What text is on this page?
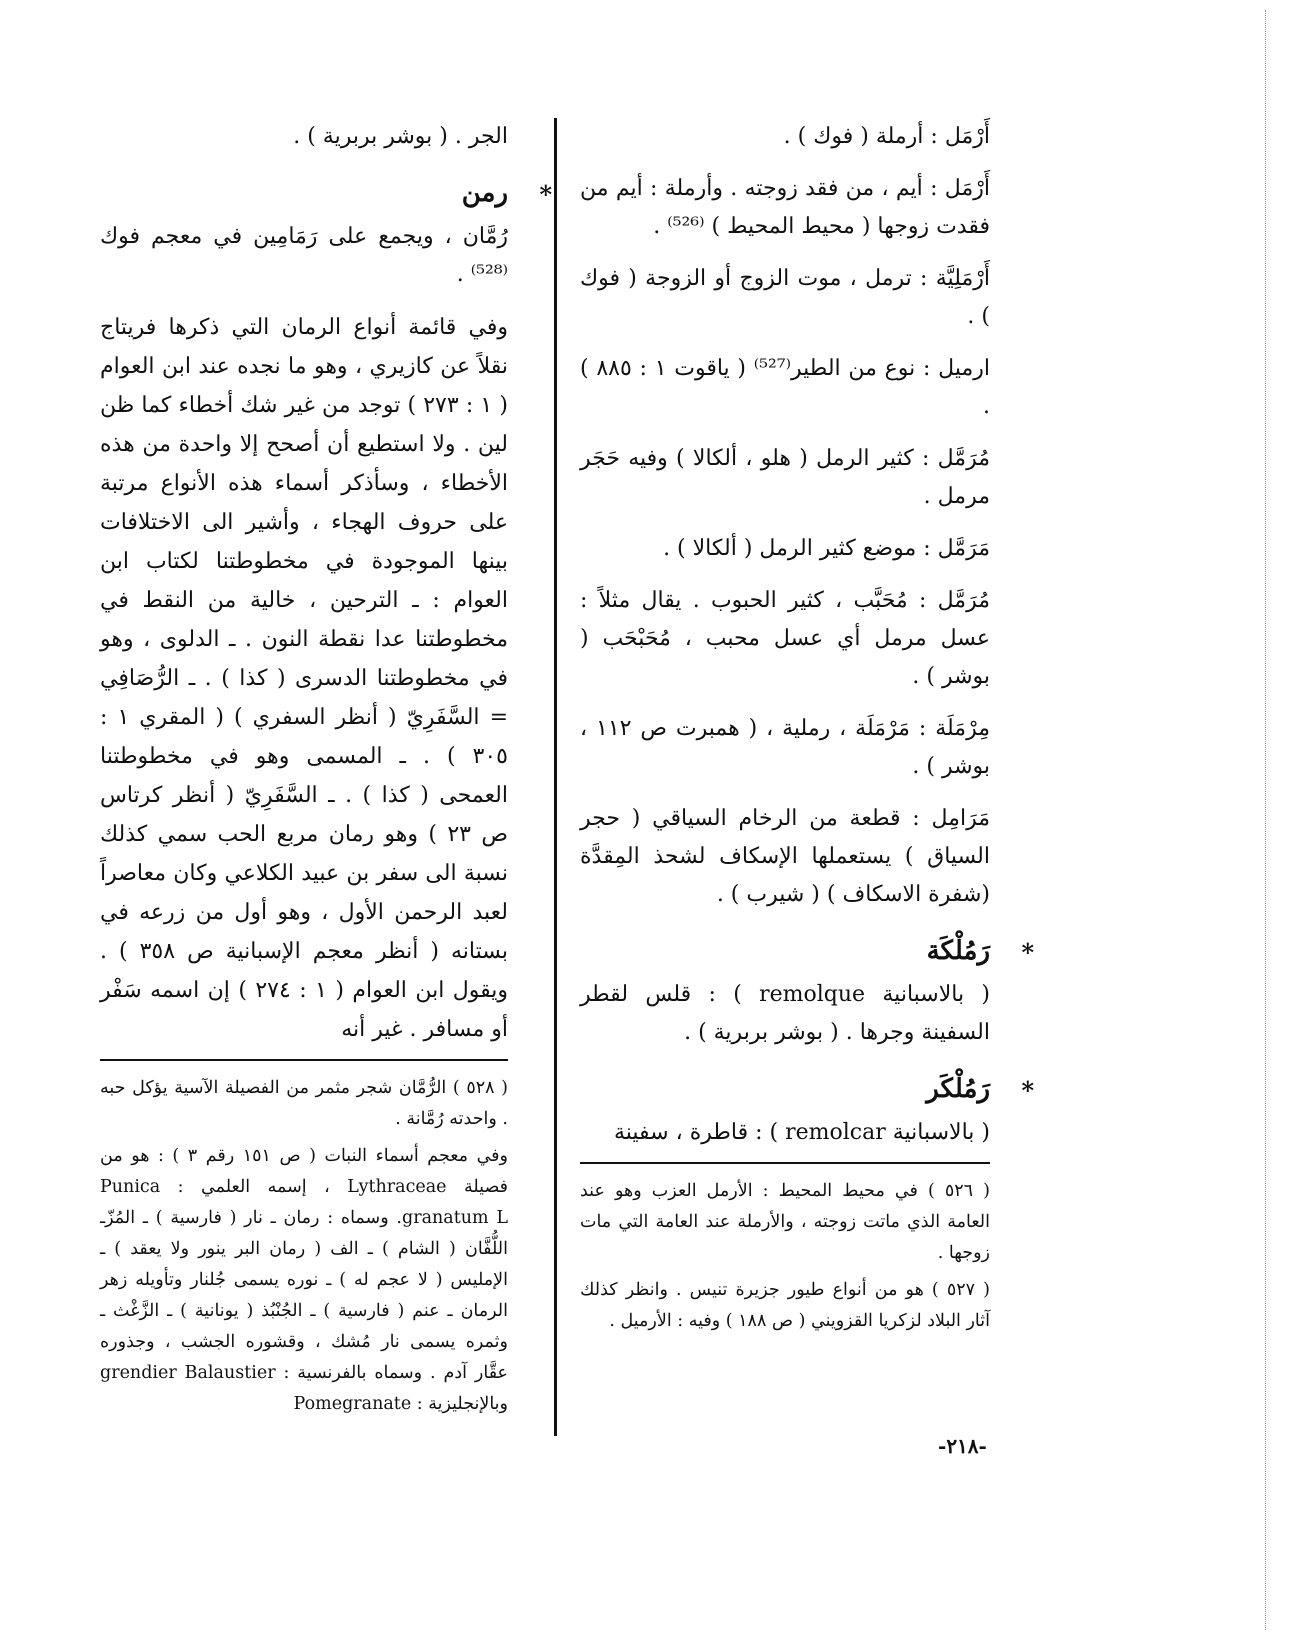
أَرْمَل : أرملة ( فوك ) .
أَرْمَل : أيم ، من فقد زوجته . وأرملة : أيم من فقدت زوجها ( محيط المحيط ) ⁽⁵²⁶⁾ .
أَرْمَلِيَّة : ترمل ، موت الزوج أو الزوجة ( فوك ) .
ارميل : نوع من الطير⁽⁵²⁷⁾ ( ياقوت ١ : ٨٨٥ ) .
مُرَمَّل : كثير الرمل ( هلو ، ألكالا ) وفيه حَجَر مرمل .
مَرَمَّل : موضع كثير الرمل ( ألكالا ) .
مُرَمَّل : مُحَبَّب ، كثير الحبوب . يقال مثلاً : عسل مرمل أي عسل محبب ، مُحَبْحَب ( بوشر ) .
مِرْمَلَة : مَرْمَلَة ، رملية ، ( همبرت ص ١١٢ ، بوشر ) .
مَرَامِل : قطعة من الرخام السياقي ( حجر السياق ) يستعملها الإسكاف لشحذ المِقدَّة (شفرة الاسكاف ) ( شيرب ) .
*
رَمُلْكَة
( بالاسبانية remolque ) : قلس لقطر السفينة وجرها . ( بوشر بربرية ) .
*
رَمُلْكَر
( بالاسبانية remolcar ) : قاطرة ، سفينة
( ٥٢٦ ) في محيط المحيط : الأرمل العزب وهو عند العامة الذي ماتت زوجته ، والأرملة عند العامة التي مات زوجها .
( ٥٢٧ ) هو من أنواع طيور جزيرة تنيس . وانظر كذلك آثار البلاد لزكريا القزويني ( ص ١٨٨ ) وفيه : الأرميل .
الجر . ( بوشر بربرية ) .
*
رمن
رُمَّان ، ويجمع على رَمَامِين في معجم فوك ⁽⁵²⁸⁾ .
وفي قائمة أنواع الرمان التي ذكرها فريتاج نقلاً عن كازيري ، وهو ما نجده عند ابن العوام ( ١ : ٢٧٣ ) توجد من غير شك أخطاء كما ظن لين . ولا استطيع أن أصحح إلا واحدة من هذه الأخطاء ، وسأذكر أسماء هذه الأنواع مرتبة على حروف الهجاء ، وأشير الى الاختلافات بينها الموجودة في مخطوطتنا لكتاب ابن العوام : ـ الترحين ، خالية من النقط في مخطوطتنا عدا نقطة النون . ـ الدلوى ، وهو في مخطوطتنا الدسرى ( كذا ) . ـ الرُّصَافِي = السَّفَرِيّ ( أنظر السفري ) ( المقري ١ : ٣٠٥ ) . ـ المسمى وهو في مخطوطتنا العمحى ( كذا ) . ـ السَّفَرِيّ ( أنظر كرتاس ص ٢٣ ) وهو رمان مربع الحب سمي كذلك نسبة الى سفر بن عبيد الكلاعي وكان معاصراً لعبد الرحمن الأول ، وهو أول من زرعه في بستانه ( أنظر معجم الإسبانية ص ٣٥٨ ) . ويقول ابن العوام ( ١ : ٢٧٤ ) إن اسمه سَفْر أو مسافر . غير أنه
( ٥٢٨ ) الرُّمَّان شجر مثمر من الفصيلة الآسية يؤكل حبه . واحدته رُمَّانة .
وفي معجم أسماء النبات ( ص ١٥١ رقم ٣ ) : هو من فصيلة Lythraceae ، إسمه العلمي : Punica granatum L. وسماه : رمان ـ نار ( فارسية ) ـ المُزّـ اللُّفَّان ( الشام ) ـ الف ( رمان البر ينور ولا يعقد ) ـ الإمليس ( لا عجم له ) ـ نوره يسمى جُلنار وتأويله زهر الرمان ـ عنم ( فارسية ) ـ الجُنْبُذ ( يونانية ) ـ الزَّغْث ـ وثمره يسمى نار مُشك ، وقشوره الجشب ، وجذوره عقَّار آدم . وسماه بالفرنسية : grendier Balaustier وبالإنجليزية : Pomegranate
-٢١٨-
